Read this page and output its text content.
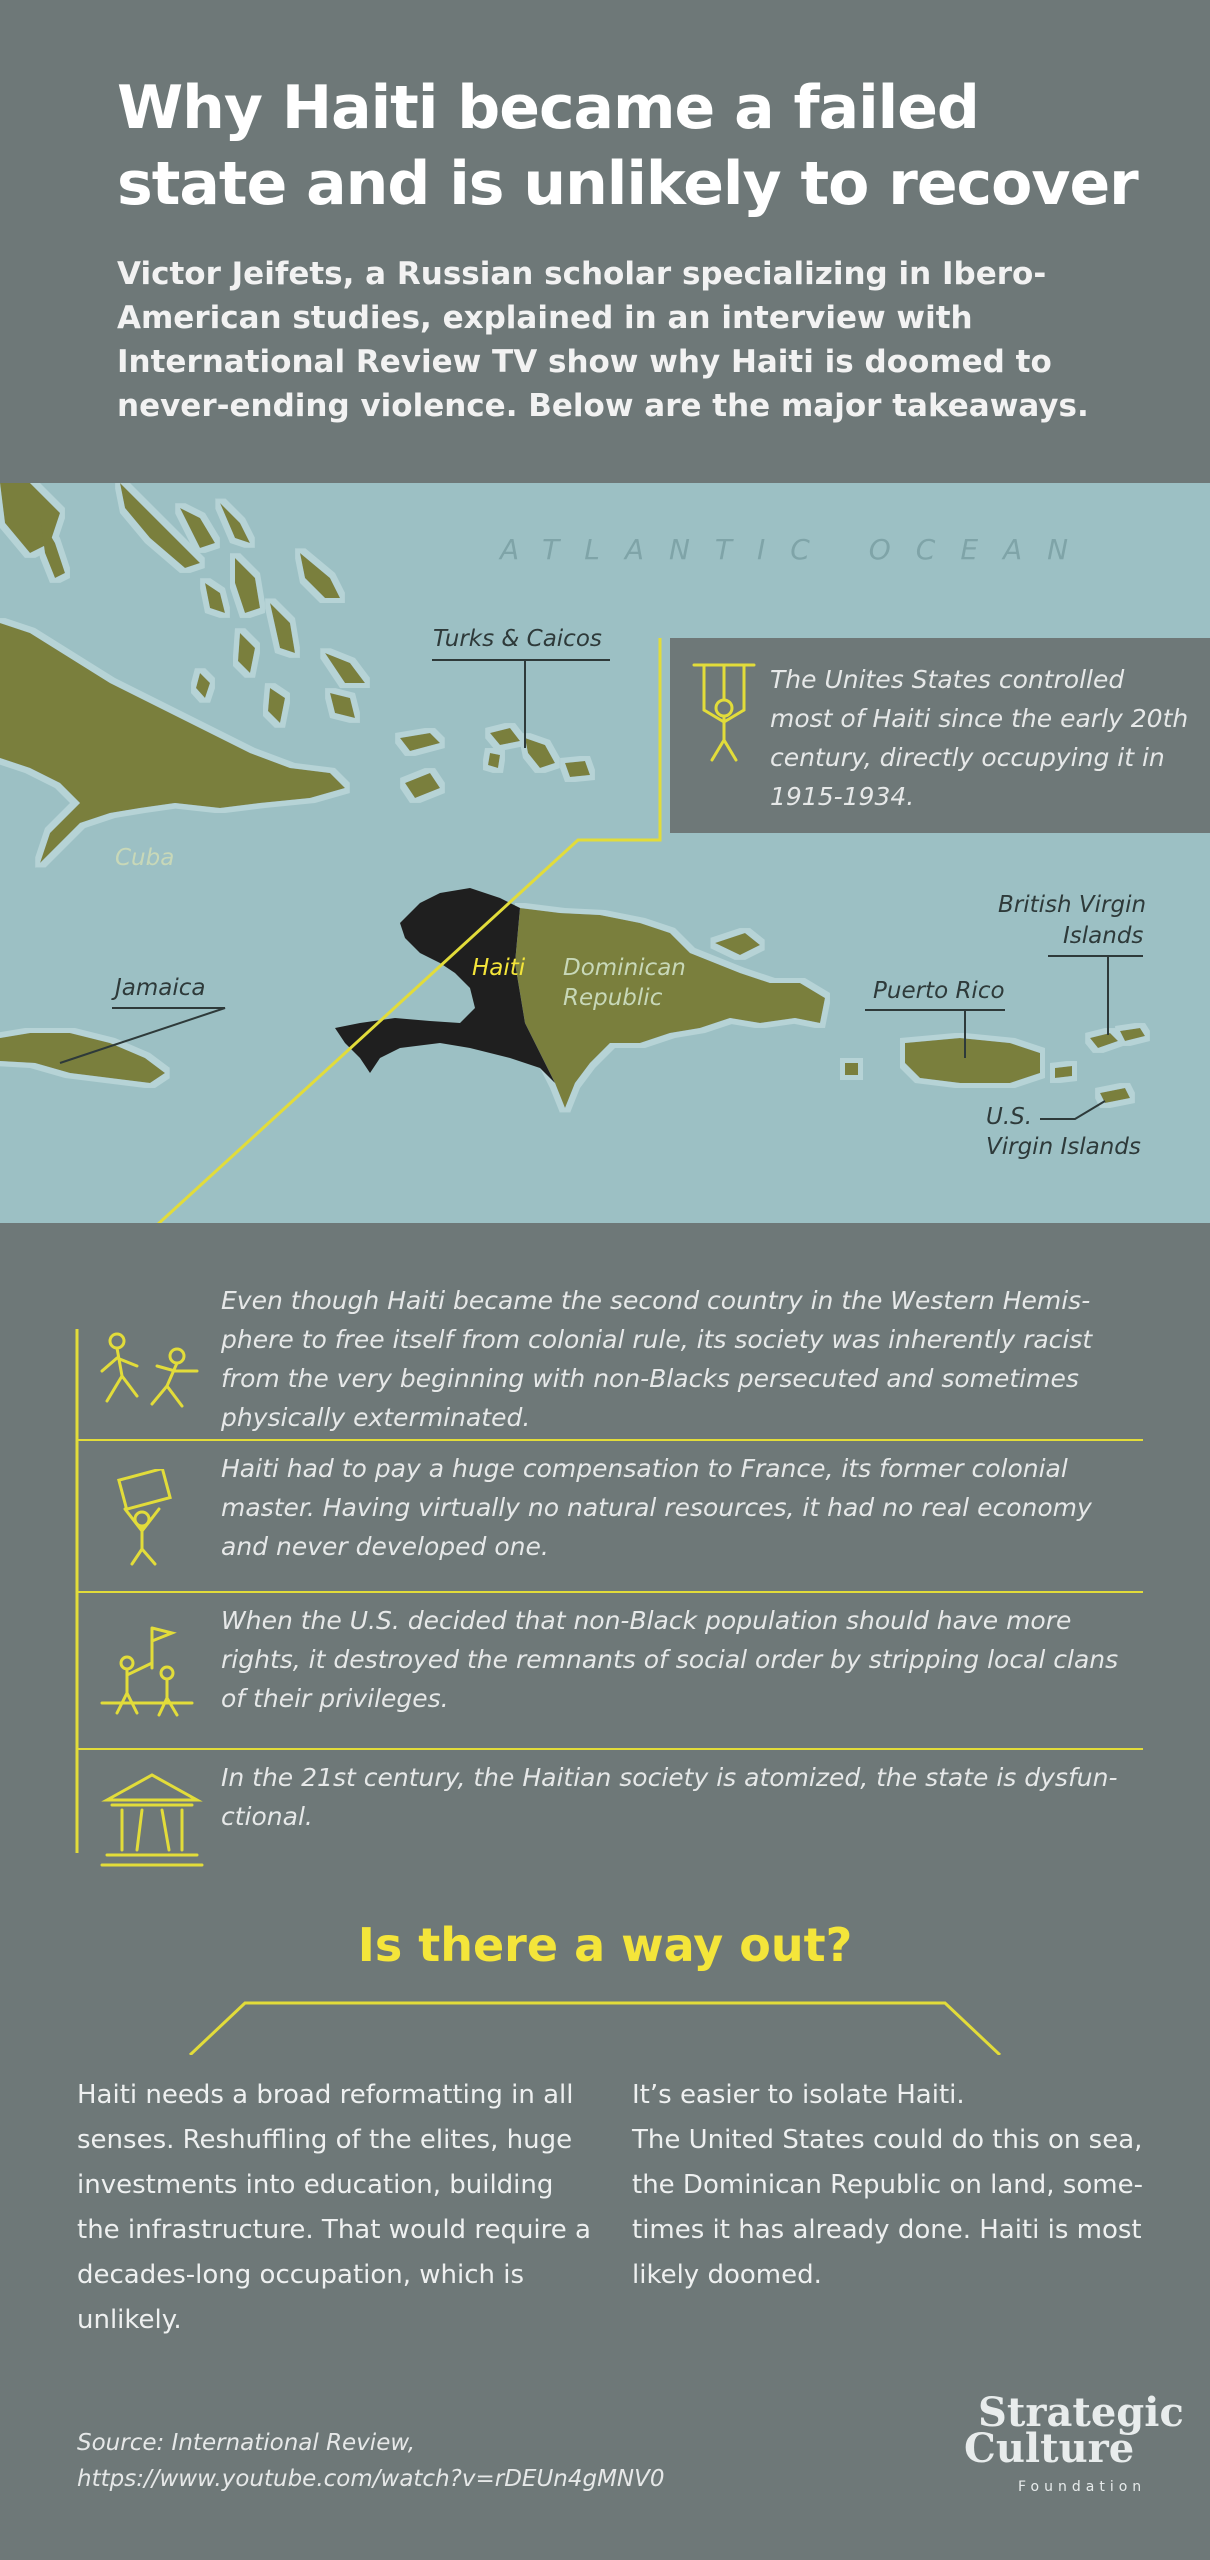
Why Haiti became a failed state and is unlikely to recover

Victor Jeifets, a Russian scholar specializing in Ibero-American studies, explained in an interview with International Review TV show why Haiti is doomed to never-ending violence. Below are the major takeaways.

ATLANTIC OCEAN
Turks & Caicos
Cuba
Jamaica
Haiti Dominican
Republic	Puerto Rico
British Virgin
Islands
U.S.
Virgin Islands
The Unites States controlled most of Haiti since the early 20th century, directly occupying it in 1915-1934.
Even though Haiti became the second country in the Western Hemis-phere to free itself from colonial rule, its society was inherently racist from the very beginning with non-Blacks persecuted and sometimes physically exterminated.
Haiti had to pay a huge compensation to France, its former colonial master. Having virtually no natural resources, it had no real economy and never developed one.
When the U.S. decided that non-Black population should have more rights, it destroyed the remnants of social order by stripping local clans of their privileges.
In the 21st century, the Haitian society is atomized, the state is dysfun-ctional.
Is there a way out?
Haiti needs a broad reformatting in all senses. Reshuffling of the elites, huge investments into education, building the infrastructure. That would require a decades-long occupation, which is unlikely.
It’s easier to isolate Haiti.
The United States could do this on sea, the Dominican Republic on land, some-times it has already done. Haiti is most likely doomed.
Source: International Review,
https://www.youtube.com/watch?v=rDEUn4gMNV0
Strategic
Culture
Foundation
